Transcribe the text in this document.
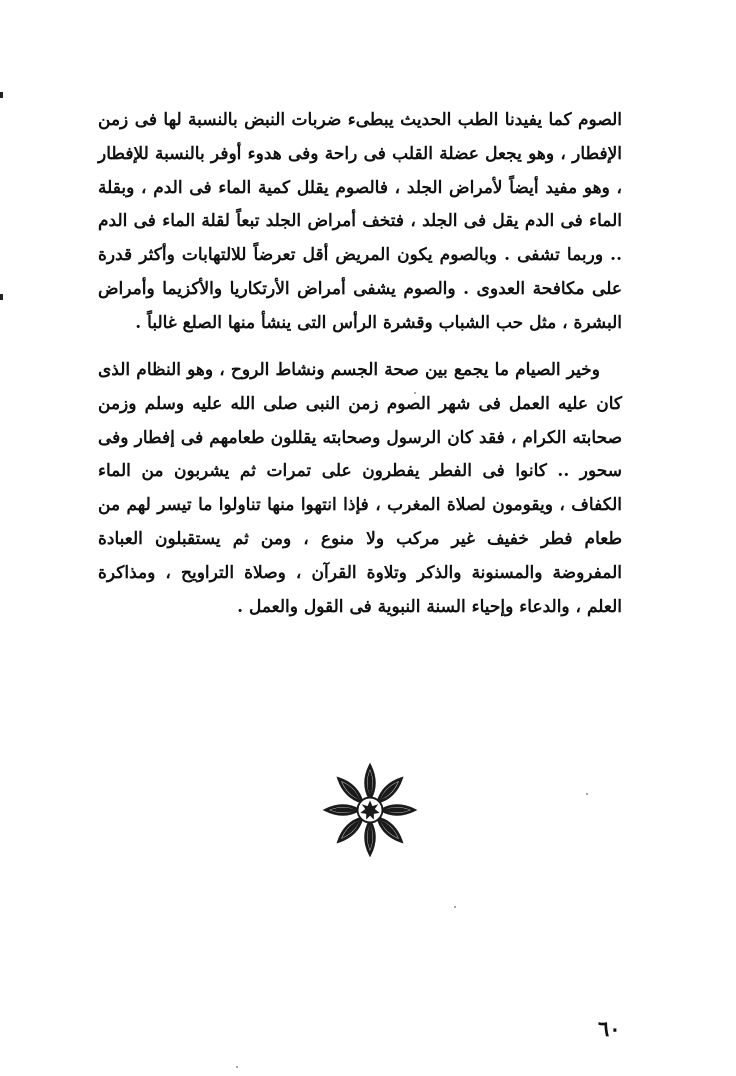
الصوم كما يفيدنا الطب الحديث يبطىء ضربات النبض بالنسبة لها فى زمن الإفطار ، وهو يجعل عضلة القلب فى راحة وفى هدوء أوفر بالنسبة للإفطار ، وهو مفيد أيضاً لأمراض الجلد ، فالصوم يقلل كمية الماء فى الدم ، وبقلة الماء فى الدم يقل فى الجلد ، فتخف أمراض الجلد تبعاً لقلة الماء فى الدم .. وربما تشفى . وبالصوم يكون المريض أقل تعرضاً للالتهابات وأكثر قدرة على مكافحة العدوى . والصوم يشفى أمراض الأرتكاريا والأكزيما وأمراض البشرة ، مثل حب الشباب وقشرة الرأس التى ينشأ منها الصلع غالباً .

وخير الصيام ما يجمع بين صحة الجسم ونشاط الروح ، وهو النظام الذى كان عليه العمل فى شهر الصوم زمن النبى صلى الله عليه وسلم وزمن صحابته الكرام ، فقد كان الرسول وصحابته يقللون طعامهم فى إفطار وفى سحور .. كانوا فى الفطر يفطرون على تمرات ثم يشربون من الماء الكفاف ، ويقومون لصلاة المغرب ، فإذا انتهوا منها تناولوا ما تيسر لهم من طعام فطر خفيف غير مركب ولا منوع ، ومن ثم يستقبلون العبادة المفروضة والمسنونة والذكر وتلاوة القرآن ، وصلاة التراويح ، ومذاكرة العلم ، والدعاء وإحياء السنة النبوية فى القول والعمل .

٦٠
